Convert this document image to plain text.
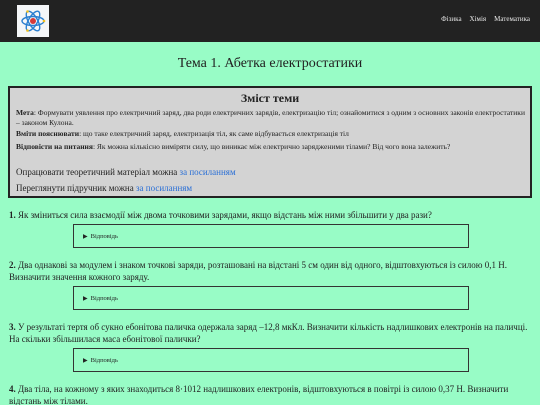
Фізика Хімія Математика
Тема 1. Абетка електростатики
Зміст теми
Мета: Формувати уявлення про електричний заряд, два роди електричних зарядів, електризацію тіл; ознайомитися з одним з основних законів електростатики – законом Кулона.
Вміти пояснювати: що таке електричний заряд, електризація тіл, як саме відбувається електризація тіл
Відповісти на питання: Як можна кількісно виміряти силу, що виникає між електрично зарядженими тілами? Від чого вона залежить?
Опрацювати теоретичний матеріал можна за посиланням
Переглянути підручник можна за посиланням
1. Як зміниться сила взаємодії між двома точковими зарядами, якщо відстань між ними збільшити у два рази?
▶ Відповідь
2. Два однакові за модулем і знаком точкові заряди, розташовані на відстані 5 см один від одного, відштовхуються із силою 0,1 Н. Визначити значення кожного заряду.
▶ Відповідь
3. У результаті тертя об сукно ебонітова паличка одержала заряд –12,8 мкКл. Визначити кількість надлишкових електронів на паличці. На скільки збільшилася маса ебонітової палички?
▶ Відповідь
4. Два тіла, на кожному з яких знаходиться 8·1012 надлишкових електронів, відштовхуються в повітрі із силою 0,37 Н. Визначити відстань між тілами.
